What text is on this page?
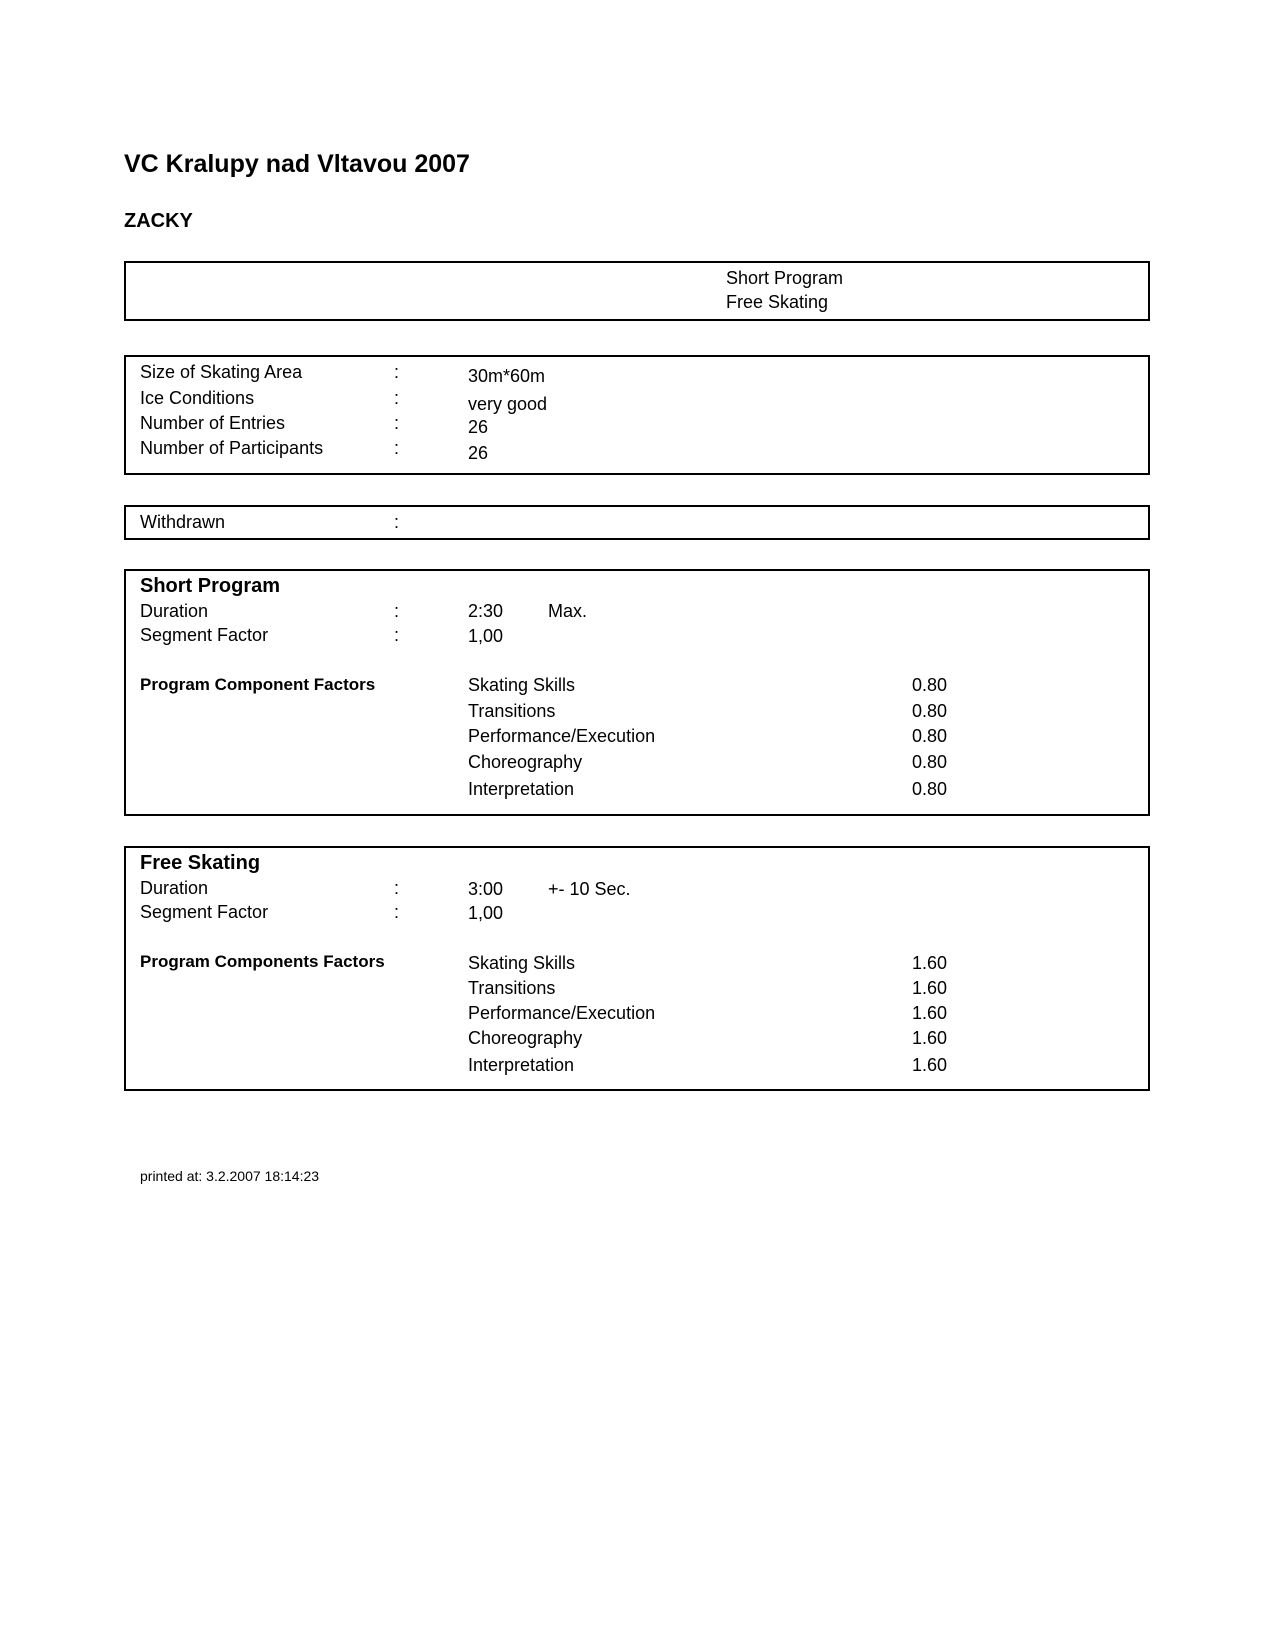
VC Kralupy nad Vltavou 2007
ZACKY
Short Program
Free Skating
Size of Skating Area	:	30m*60m
Ice Conditions	:	very good
Number of Entries	:	26
Number of Participants	:	26
Withdrawn	:
Short Program
Duration	:	2:30 Max.
Segment Factor	:	1,00
Program Component Factors	Skating Skills	0.80
Transitions	0.80
Performance/Execution	0.80
Choreography	0.80
Interpretation	0.80
Free Skating
Duration	:	3:00 +- 10 Sec.
Segment Factor	:	1,00
Program Components Factors	Skating Skills	1.60
Transitions	1.60
Performance/Execution	1.60
Choreography	1.60
Interpretation	1.60
printed at: 3.2.2007 18:14:23
